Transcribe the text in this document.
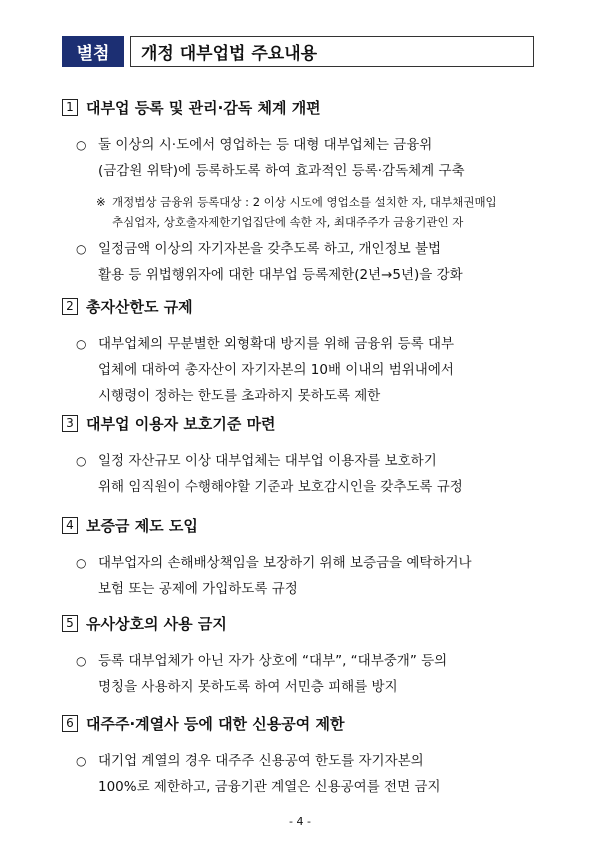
별첨	개정 대부업법 주요내용
1 대부업 등록 및 관리·감독 체계 개편
○ 둘 이상의 시·도에서 영업하는 등 대형 대부업체는 금융위
(금감원 위탁)에 등록하도록 하여 효과적인 등록·감독체계 구축
※ 개정법상 금융위 등록대상 : 2 이상 시도에 영업소를 설치한 자, 대부채권매입
추심업자, 상호출자제한기업집단에 속한 자, 최대주주가 금융기관인 자
○ 일정금액 이상의 자기자본을 갖추도록 하고, 개인정보 불법
활용 등 위법행위자에 대한 대부업 등록제한(2년→5년)을 강화
2 총자산한도 규제
○ 대부업체의 무분별한 외형확대 방지를 위해 금융위 등록 대부
업체에 대하여 총자산이 자기자본의 10배 이내의 범위내에서
시행령이 정하는 한도를 초과하지 못하도록 제한
3 대부업 이용자 보호기준 마련
○ 일정 자산규모 이상 대부업체는 대부업 이용자를 보호하기
위해 임직원이 수행해야할 기준과 보호감시인을 갖추도록 규정
4 보증금 제도 도입
○ 대부업자의 손해배상책임을 보장하기 위해 보증금을 예탁하거나
보험 또는 공제에 가입하도록 규정
5 유사상호의 사용 금지
○ 등록 대부업체가 아닌 자가 상호에 “대부”, “대부중개” 등의
명칭을 사용하지 못하도록 하여 서민층 피해를 방지
6 대주주·계열사 등에 대한 신용공여 제한
○ 대기업 계열의 경우 대주주 신용공여 한도를 자기자본의
100%로 제한하고, 금융기관 계열은 신용공여를 전면 금지
- 4 -
